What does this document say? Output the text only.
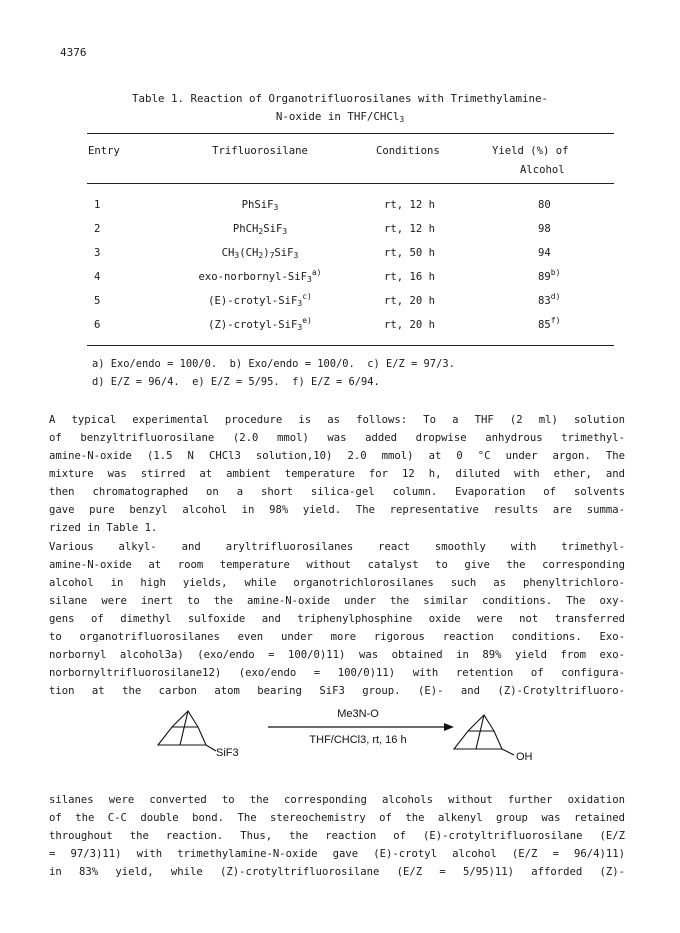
4376
Table 1. Reaction of Organotrifluorosilanes with Trimethylamine-
N-oxide in THF/CHCl$_3$
Entry	Trifluorosilane	Conditions	Yield (%) of
Alcohol
1	PhSiF$_3$	rt, 12 h	80
2	PhCH$_2$SiF$_3$	rt, 12 h	98
3	$CH_3(CH_2)_7SiF_3$	rt, 50 h	94
4	exo-norbornyl-SiF$_3^{a)}$	rt, 16 h	89$^{b)}$
5	(E)-crotyl-SiF$_3^{c)}$	rt, 20 h	83$^{d)}$
6	(Z)-crotyl-SiF$_3^{e)}$	rt, 20 h	85$^{f)}$
a) Exo/endo = 100/0.  b) Exo/endo = 100/0.  c) E/Z = 97/3.
d) E/Z = 96/4.  e) E/Z = 5/95.  f) E/Z = 6/94.
A typical experimental procedure is as follows: To a THF (2 ml) solution
of benzyltrifluorosilane (2.0 mmol) was added dropwise anhydrous trimethyl-
amine-N-oxide (1.5 N CHCl3 solution,10) 2.0 mmol) at 0 °C under argon. The
mixture was stirred at ambient temperature for 12 h, diluted with ether, and
then chromatographed on a short silica-gel column. Evaporation of solvents
gave pure benzyl alcohol in 98% yield. The representative results are summa-
rized in Table 1.
Various alkyl- and aryltrifluorosilanes react smoothly with trimethyl-
amine-N-oxide at room temperature without catalyst to give the corresponding
alcohol in high yields, while organotrichlorosilanes such as phenyltrichloro-
silane were inert to the amine-N-oxide under the similar conditions. The oxy-
gens of dimethyl sulfoxide and triphenylphosphine oxide were not transferred
to organotrifluorosilanes even under more rigorous reaction conditions. Exo-
norbornyl alcohol3a) (exo/endo = 100/0)11) was obtained in 89% yield from exo-
norbornyltrifluorosilane12) (exo/endo = 100/0)11) with retention of configura-
tion at the carbon atom bearing SiF3 group. (E)- and (Z)-Crotyltrifluoro-
SiF3
Me3N-O
THF/CHCl3, rt, 16 h
OH
silanes were converted to the corresponding alcohols without further oxidation
of the C-C double bond. The stereochemistry of the alkenyl group was retained
throughout the reaction. Thus, the reaction of (E)-crotyltrifluorosilane (E/Z
= 97/3)11) with trimethylamine-N-oxide gave (E)-crotyl alcohol (E/Z = 96/4)11)
in 83% yield, while (Z)-crotyltrifluorosilane (E/Z = 5/95)11) afforded (Z)-
